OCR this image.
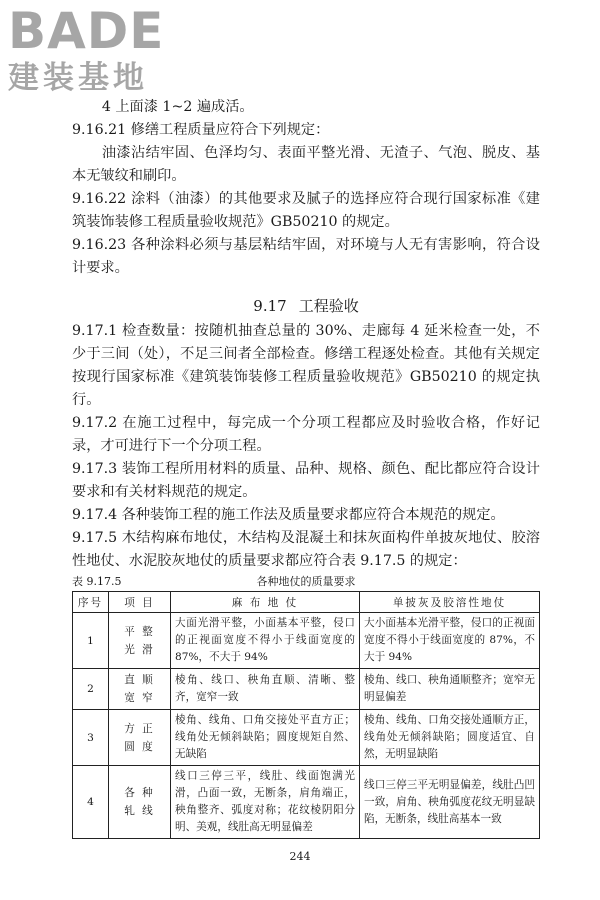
BADE
建装基地

4 上面漆 1~2 遍成活。

9.16.21 修缮工程质量应符合下列规定：

油漆沾结牢固、色泽均匀、表面平整光滑、无渣子、气泡、脱皮、基本无皱纹和刷印。

9.16.22 涂料（油漆）的其他要求及腻子的选择应符合现行国家标准《建筑装饰装修工程质量验收规范》GB50210 的规定。

9.16.23 各种涂料必须与基层粘结牢固，对环境与人无有害影响，符合设计要求。

9.17 工程验收

9.17.1 检查数量：按随机抽查总量的 30%、走廊每 4 延米检查一处，不少于三间（处），不足三间者全部检查。修缮工程逐处检查。其他有关规定按现行国家标准《建筑装饰装修工程质量验收规范》GB50210 的规定执行。

9.17.2 在施工过程中，每完成一个分项工程都应及时验收合格，作好记录，才可进行下一个分项工程。

9.17.3 装饰工程所用材料的质量、品种、规格、颜色、配比都应符合设计要求和有关材料规范的规定。

9.17.4 各种装饰工程的施工作法及质量要求都应符合本规范的规定。

9.17.5 木结构麻布地仗，木结构及混凝土和抹灰面构件单披灰地仗、胶溶性地仗、水泥胶灰地仗的质量要求都应符合表 9.17.5 的规定：

表 9.17.5	各种地仗的质量要求
序号	项 目	麻 布 地 仗	单披灰及胶溶性地仗
1	平 整
光 滑	大面光滑平整，小面基本平整，侵口的正视面宽度不得小于线面宽度的 87%，不大于 94%	大小面基本光滑平整，侵口的正视面宽度不得小于线面宽度的 87%，不大于 94%
2	直 顺
宽 窄	棱角、线口、秧角直顺、清晰、整齐，宽窄一致	棱角、线口、秧角通顺整齐；宽窄无明显偏差
3	方 正
圆 度	棱角、线角、口角交接处平直方正；线角处无倾斜缺陷；圆度规矩自然、无缺陷	棱角、线角、口角交接处通顺方正，线角处无倾斜缺陷；圆度适宜、自然，无明显缺陷
4	各 种
轧 线	线口三停三平，线肚、线面饱满光滑，凸面一致，无断条，肩角端正，秧角整齐、弧度对称；花纹棱阴阳分明、美观，线肚高无明显偏差	线口三停三平无明显偏差，线肚凸凹一致，肩角、秧角弧度花纹无明显缺陷，无断条，线肚高基本一致
244
